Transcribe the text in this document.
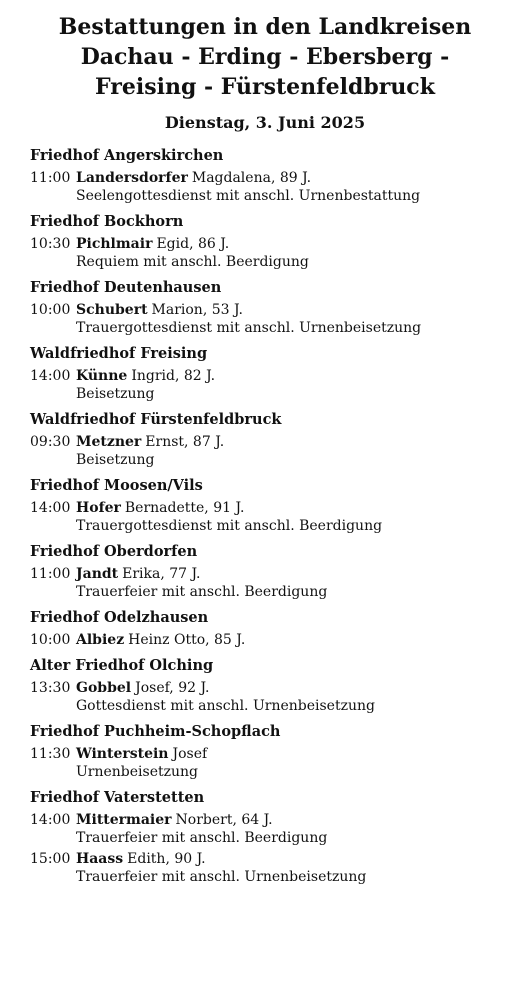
Bestattungen in den Landkreisen
Dachau - Erding - Ebersberg -
Freising - Fürstenfeldbruck
Dienstag, 3. Juni 2025
Friedhof Angerskirchen
11:00 Landersdorfer Magdalena, 89 J.
Seelengottesdienst mit anschl. Urnenbestattung
Friedhof Bockhorn
10:30 Pichlmair Egid, 86 J.
Requiem mit anschl. Beerdigung
Friedhof Deutenhausen
10:00 Schubert Marion, 53 J.
Trauergottesdienst mit anschl. Urnenbeisetzung
Waldfriedhof Freising
14:00 Künne Ingrid, 82 J.
Beisetzung
Waldfriedhof Fürstenfeldbruck
09:30 Metzner Ernst, 87 J.
Beisetzung
Friedhof Moosen/Vils
14:00 Hofer Bernadette, 91 J.
Trauergottesdienst mit anschl. Beerdigung
Friedhof Oberdorfen
11:00 Jandt Erika, 77 J.
Trauerfeier mit anschl. Beerdigung
Friedhof Odelzhausen
10:00 Albiez Heinz Otto, 85 J.
Alter Friedhof Olching
13:30 Gobbel Josef, 92 J.
Gottesdienst mit anschl. Urnenbeisetzung
Friedhof Puchheim-Schopflach
11:30 Winterstein Josef
Urnenbeisetzung
Friedhof Vaterstetten
14:00 Mittermaier Norbert, 64 J.
Trauerfeier mit anschl. Beerdigung
15:00 Haass Edith, 90 J.
Trauerfeier mit anschl. Urnenbeisetzung
